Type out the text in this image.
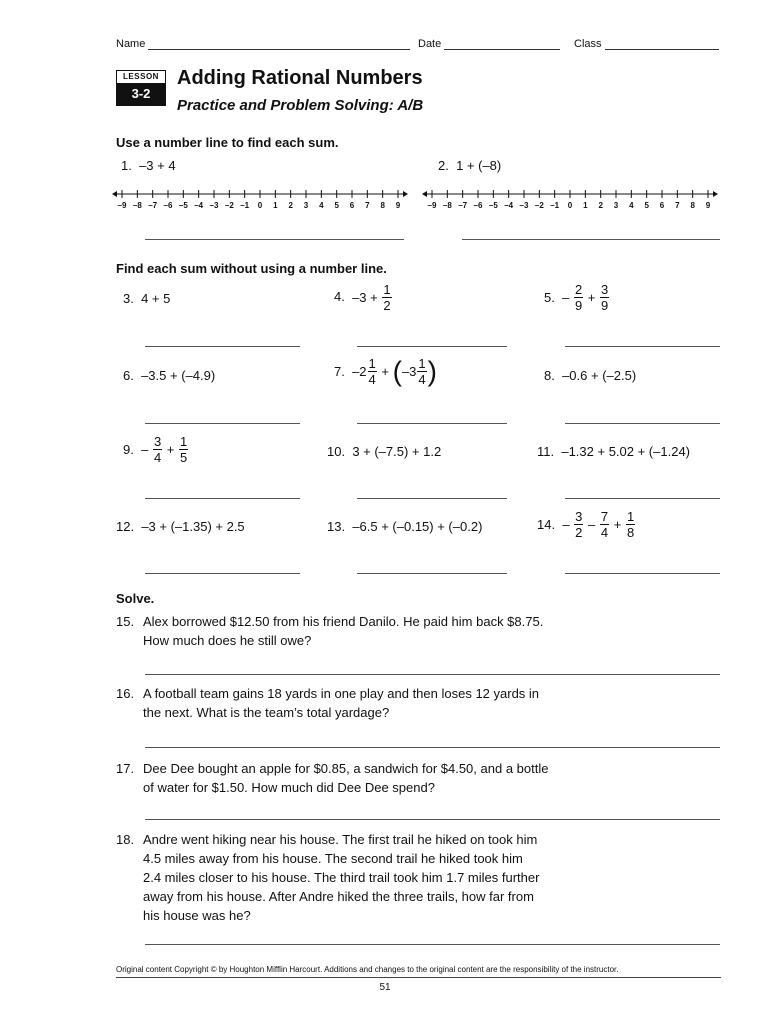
Name	Date	Class
LESSON
3-2
Adding Rational Numbers
Practice and Problem Solving: A/B
Use a number line to find each sum.
1. –3 + 4	2. 1 + (–8)
–9 –8 –7 –6 –5 –4 –3 –2 –1 0 1 2 3 4 5 6 7 8 9	–9 –8 –7 –6 –5 –4 –3 –2 –1 0 1 2 3 4 5 6 7 8 9
Find each sum without using a number line.
3. 4 + 5	4. $-3 + \frac{1}{2}$	5. – $\frac{2}{9} + \frac{3}{9}$
6. –3.5 + (–4.9)	7. $-2 \frac{1}{4} + (-3 \frac{1}{4}$ )	8. –0.6 + (–2.5)
9. – $\frac{3}{4} + \frac{1}{5}$	10. 3 + (–7.5) + 1.2	11. –1.32 + 5.02 + (–1.24)
12. –3 + (–1.35) + 2.5	13. –6.5 + (–0.15) + (–0.2)	14. – $\frac{3}{2} - \frac{7}{4} + \frac{1}{8}$
Solve.
15. Alex borrowed $12.50 from his friend Danilo. He paid him back $8.75.
How much does he still owe?
16. A football team gains 18 yards in one play and then loses 12 yards in
the next. What is the team’s total yardage?
17. Dee Dee bought an apple for $0.85, a sandwich for $4.50, and a bottle
of water for $1.50. How much did Dee Dee spend?
18. Andre went hiking near his house. The first trail he hiked on took him
4.5 miles away from his house. The second trail he hiked took him
2.4 miles closer to his house. The third trail took him 1.7 miles further
away from his house. After Andre hiked the three trails, how far from
his house was he?
Original content Copyright © by Houghton Mifflin Harcourt. Additions and changes to the original content are the responsibility of the instructor.
51
